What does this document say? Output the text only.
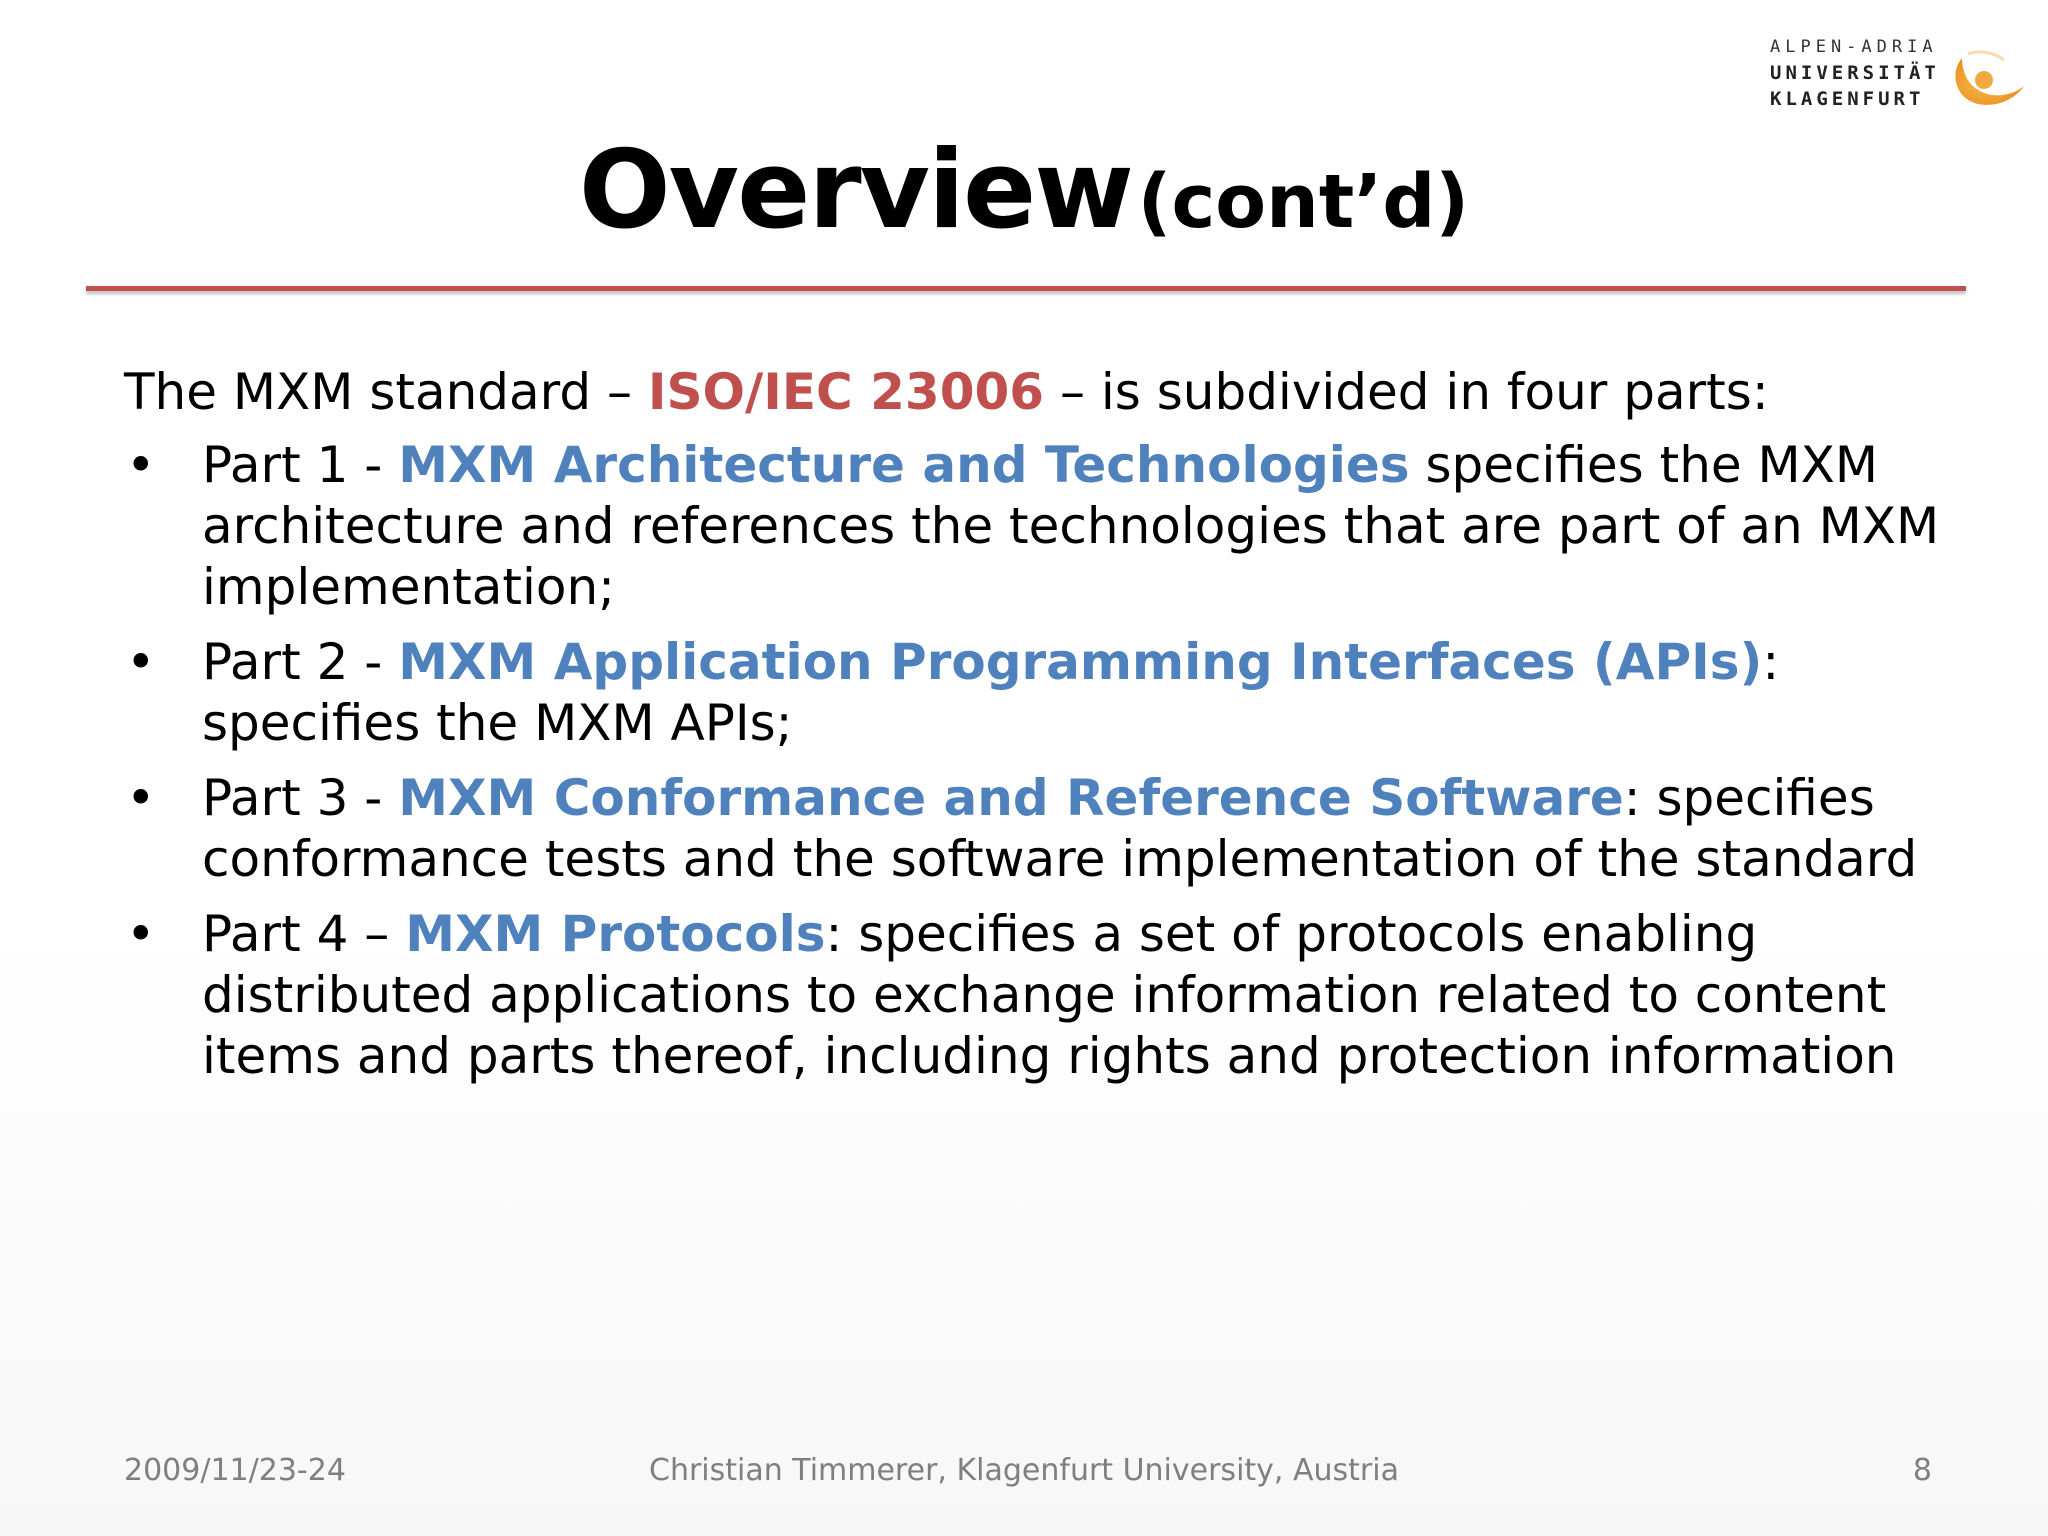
ALPEN-ADRIA
UNIVERSITÄT
KLAGENFURT
Overview (cont’d)
The MXM standard – ISO/IEC 23006 – is subdivided in four parts:
• Part 1 - MXM Architecture and Technologies specifies the MXM architecture and references the technologies that are part of an MXM implementation;
• Part 2 - MXM Application Programming Interfaces (APIs): specifies the MXM APIs;
• Part 3 - MXM Conformance and Reference Software: specifies conformance tests and the software implementation of the standard
• Part 4 – MXM Protocols: specifies a set of protocols enabling distributed applications to exchange information related to content items and parts thereof, including rights and protection information
2009/11/23-24	Christian Timmerer, Klagenfurt University, Austria	8
